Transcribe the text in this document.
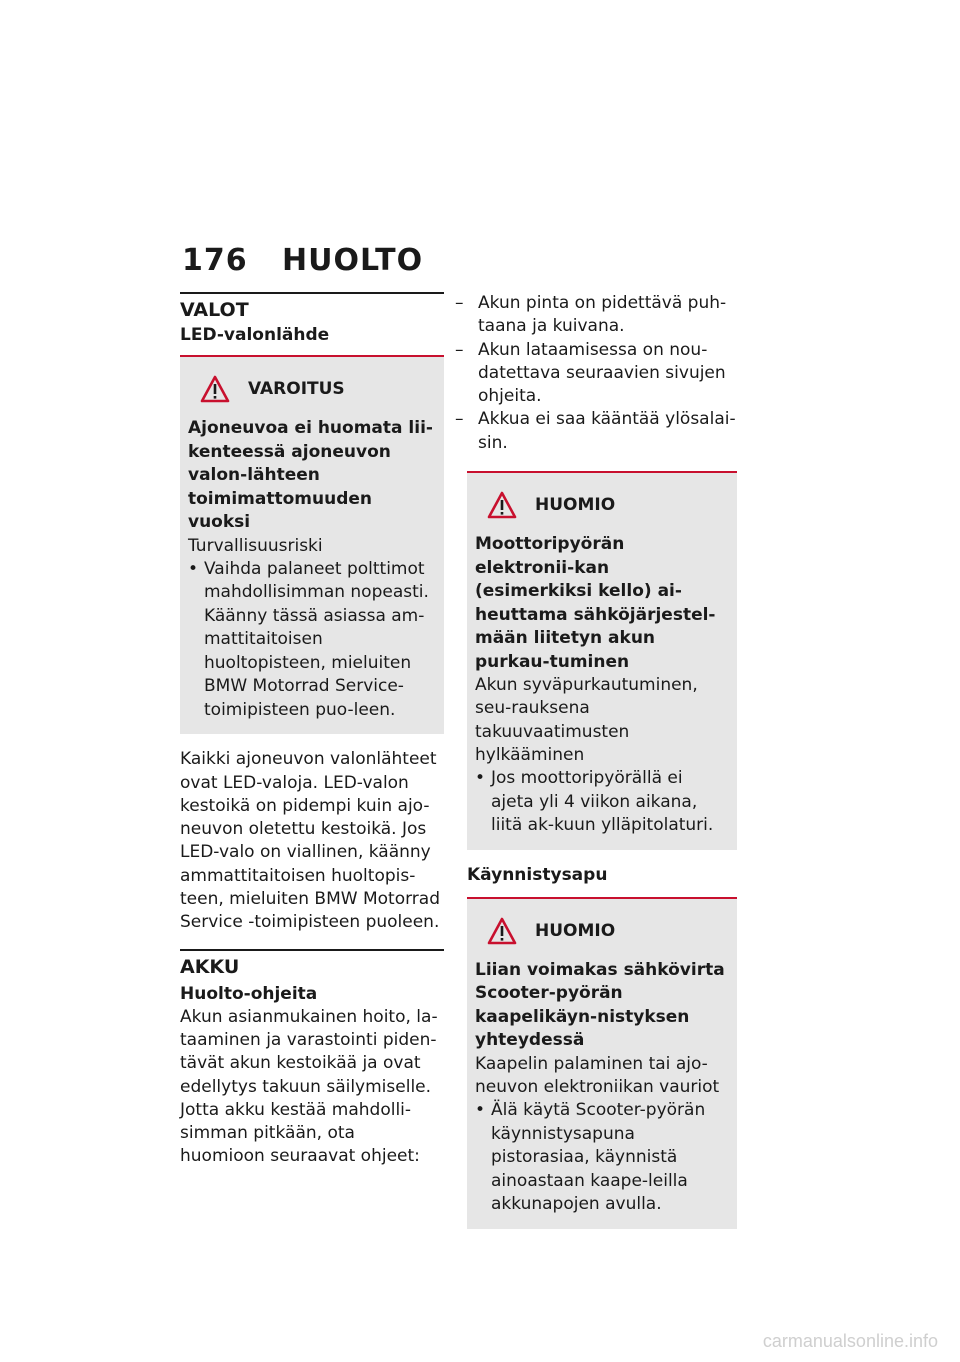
176	HUOLTO
VALOT
LED-valonlähde
VAROITUS

Ajoneuvoa ei huomata lii-kenteessä ajoneuvon valon-lähteen toimimattomuuden vuoksi

Turvallisuusriski

• Vaihda palaneet polttimot mahdollisimman nopeasti. Käänny tässä asiassa am-mattitaitoisen huoltopisteen, mieluiten BMW Motorrad Service-toimipisteen puo-leen.

Kaikki ajoneuvon valonlähteet ovat LED-valoja. LED-valon kestoikä on pidempi kuin ajo-neuvon oletettu kestoikä. Jos LED-valo on viallinen, käänny ammattitaitoisen huoltopis-teen, mieluiten BMW Motorrad Service -toimipisteen puoleen.

AKKU
Huolto-ohjeita

Akun asianmukainen hoito, la-taaminen ja varastointi piden-tävät akun kestoikää ja ovat edellytys takuun säilymiselle. Jotta akku kestää mahdolli-simman pitkään, ota huomioon seuraavat ohjeet:

– Akun pinta on pidettävä puh-taana ja kuivana.

– Akun lataamisessa on nou-datettava seuraavien sivujen ohjeita.

– Akkua ei saa kääntää ylösalai-sin.

HUOMIO

Moottoripyörän elektronii-kan (esimerkiksi kello) ai-heuttama sähköjärjestel-mään liitetyn akun purkau-tuminen

Akun syväpurkautuminen, seu-rauksena takuuvaatimusten hylkääminen

• Jos moottoripyörällä ei ajeta yli 4 viikon aikana, liitä ak-kuun ylläpitolaturi.

Käynnistysapu
HUOMIO

Liian voimakas sähkövirta Scooter-pyörän kaapelikäyn-nistyksen yhteydessä

Kaapelin palaminen tai ajo-neuvon elektroniikan vauriot

• Älä käytä Scooter-pyörän käynnistysapuna pistorasiaa, käynnistä ainoastaan kaape-leilla akkunapojen avulla.

carmanualsonline.info
